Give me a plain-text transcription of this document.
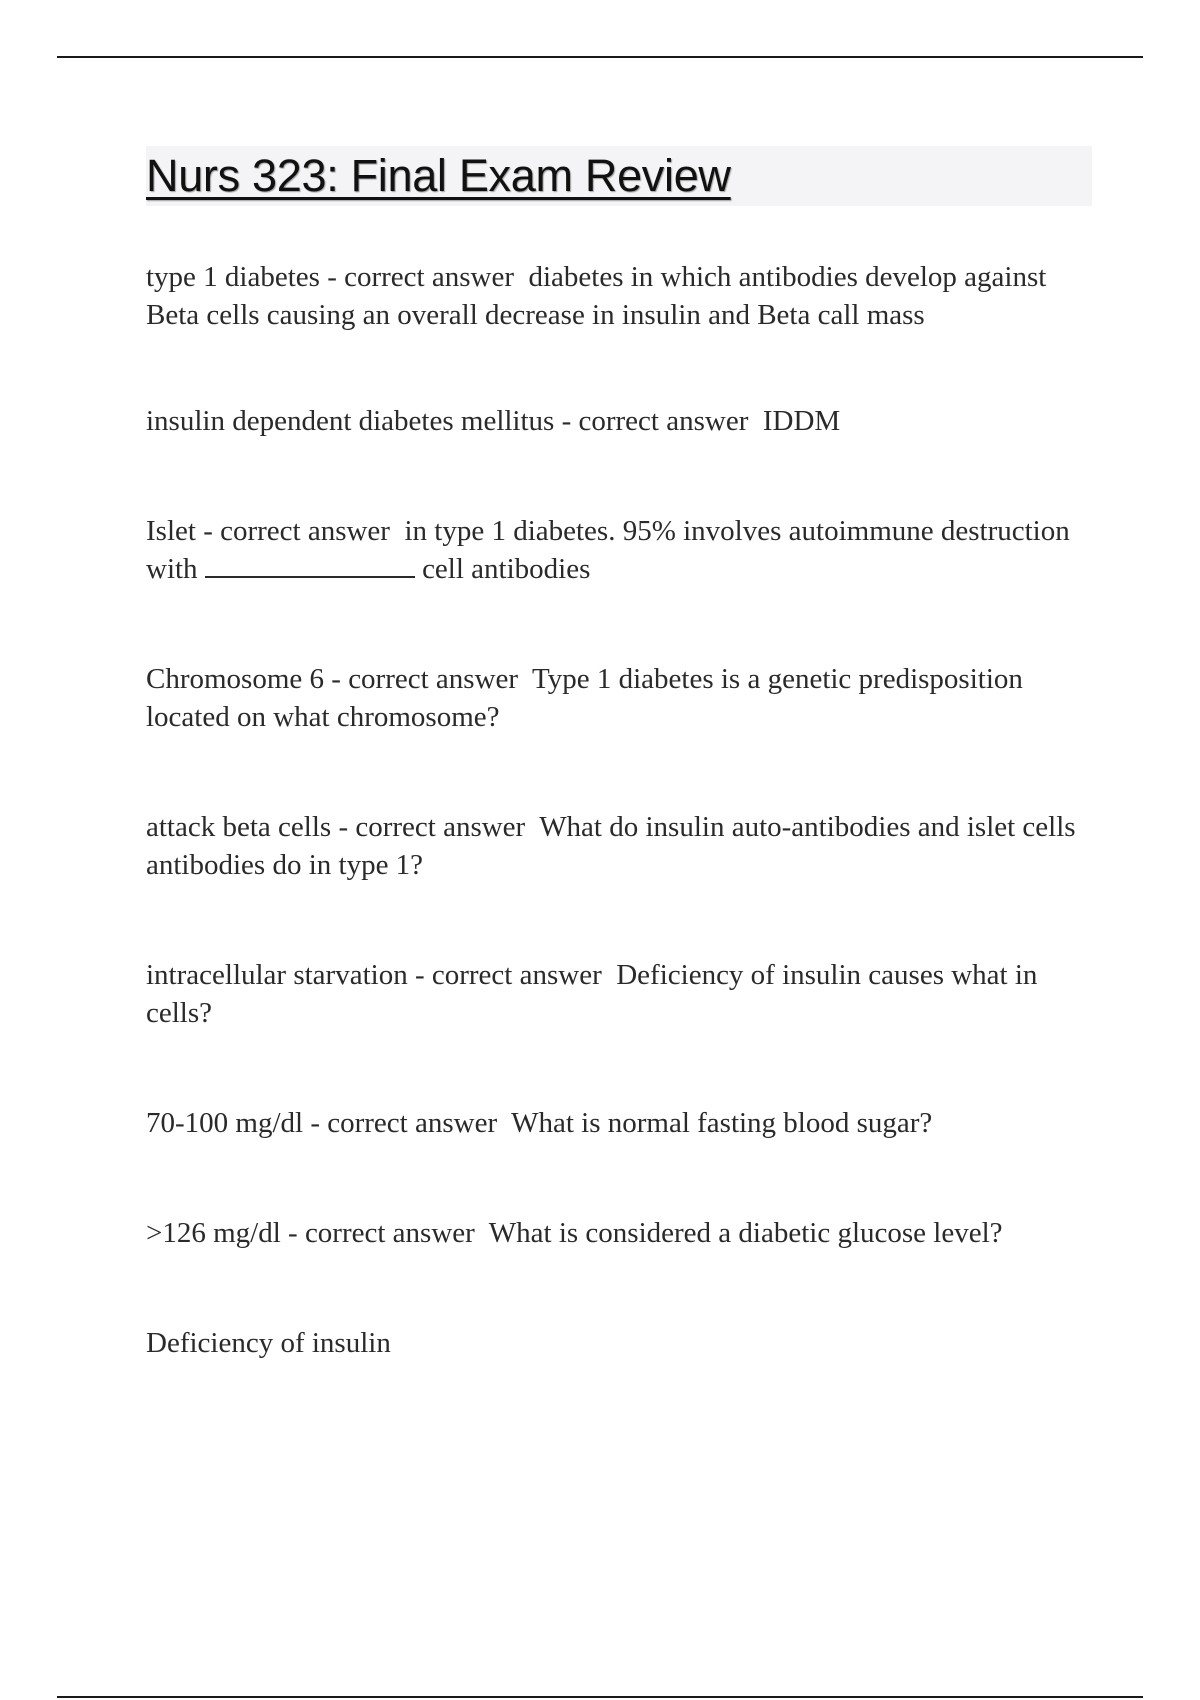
Nurs 323: Final Exam Review

type 1 diabetes - correct answer  diabetes in which antibodies develop against Beta cells causing an overall decrease in insulin and Beta call mass

insulin dependent diabetes mellitus - correct answer  IDDM

Islet - correct answer  in type 1 diabetes. 95% involves autoimmune destruction with	cell antibodies

Chromosome 6 - correct answer  Type 1 diabetes is a genetic predisposition located on what chromosome?

attack beta cells - correct answer  What do insulin auto-antibodies and islet cells antibodies do in type 1?

intracellular starvation - correct answer  Deficiency of insulin causes what in cells?

70-100 mg/dl - correct answer  What is normal fasting blood sugar?

>126 mg/dl - correct answer  What is considered a diabetic glucose level?

Deficiency of insulin
